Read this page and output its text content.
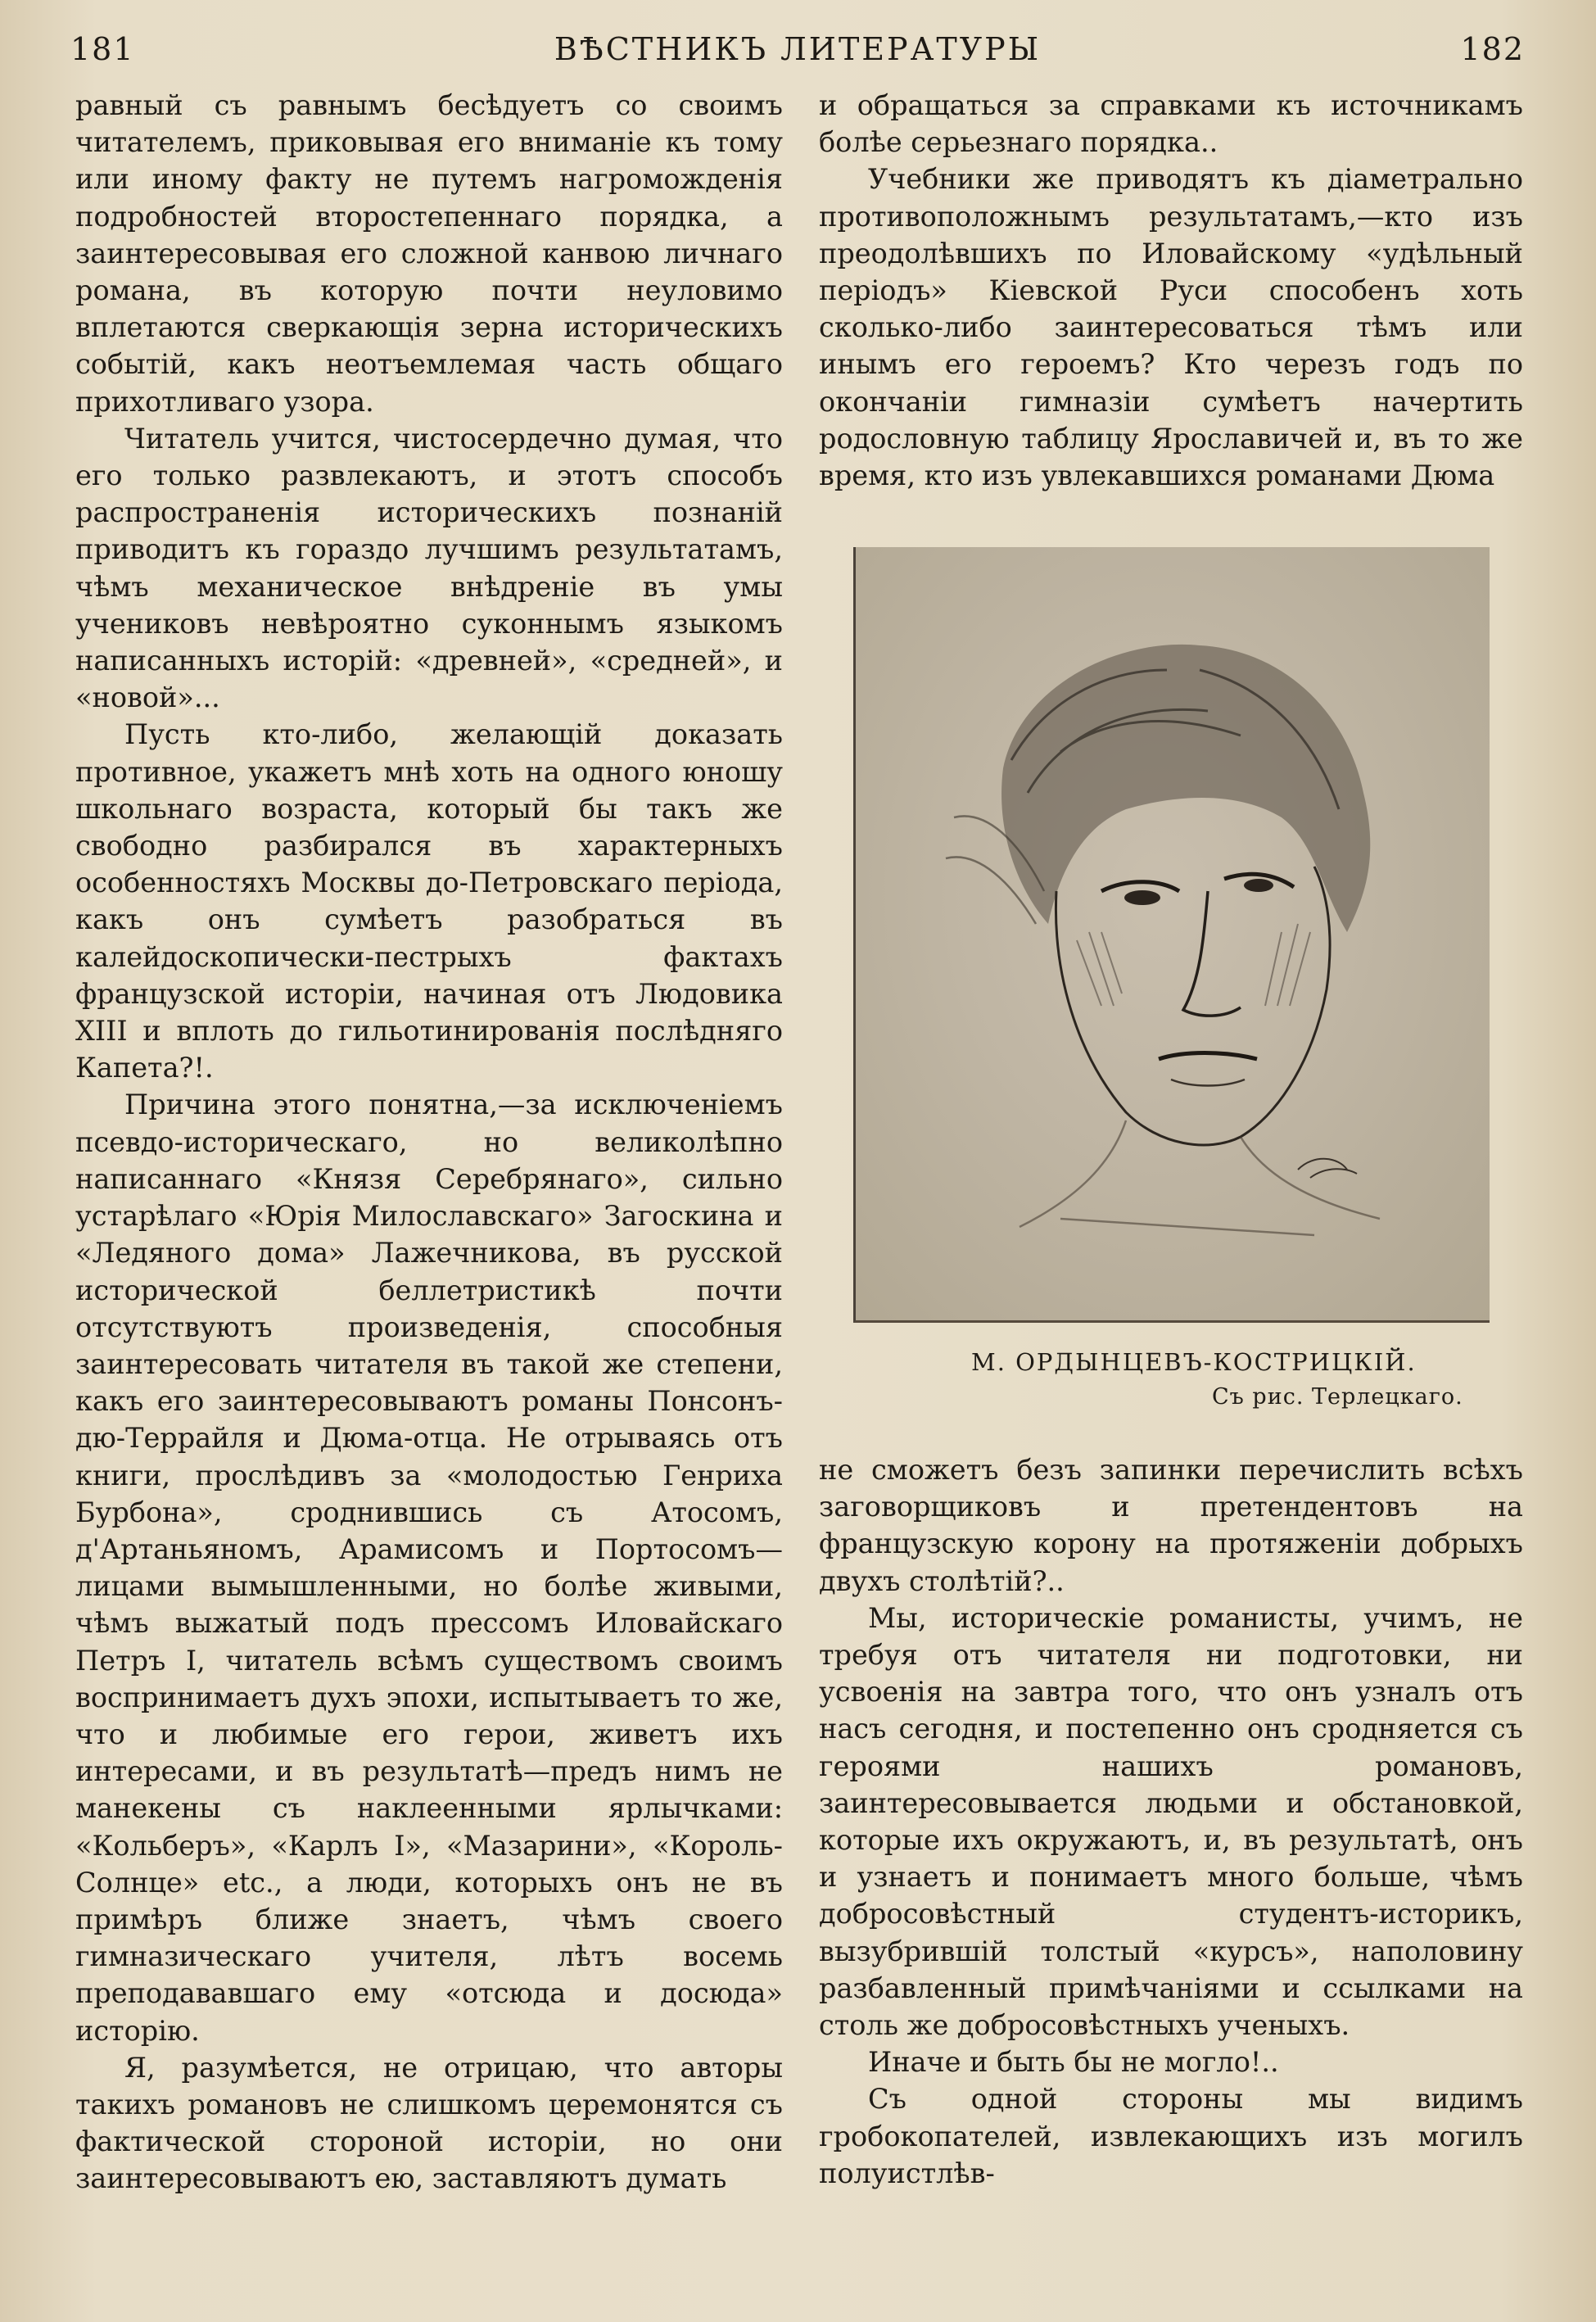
181	ВѢСТНИКЪ ЛИТЕРАТУРЫ	182

равный съ равнымъ бесѣдуетъ со своимъ читателемъ, приковывая его вниманіе къ тому или иному факту не путемъ нагроможденія подробностей второстепеннаго порядка, а заинтересовывая его сложной канвою личнаго романа, въ которую почти неуловимо вплетаются сверкающія зерна историческихъ событій, какъ неотъемлемая часть общаго прихотливаго узора.

Читатель учится, чистосердечно думая, что его только развлекаютъ, и этотъ способъ распространенія историческихъ познаній приводитъ къ гораздо лучшимъ результатамъ, чѣмъ механическое внѣдреніе въ умы учениковъ невѣроятно суконнымъ языкомъ написанныхъ исторій: «древней», «средней», и «новой»...

Пусть кто-либо, желающій доказать противное, укажетъ мнѣ хоть на одного юношу школьнаго возраста, который бы такъ же свободно разбирался въ характерныхъ особенностяхъ Москвы до-Петровскаго періода, какъ онъ сумѣетъ разобраться въ калейдоскопически-пестрыхъ фактахъ французской исторіи, начиная отъ Людовика XIII и вплоть до гильотинированія послѣдняго Капета?!.

Причина этого понятна,—за исключеніемъ псевдо-историческаго, но великолѣпно написаннаго «Князя Серебрянаго», сильно устарѣлаго «Юрія Милославскаго» Загоскина и «Ледяного дома» Лажечникова, въ русской исторической беллетристикѣ почти отсутствуютъ произведенія, способныя заинтересовать читателя въ такой же степени, какъ его заинтересовываютъ романы Понсонъ-дю-Террайля и Дюма-отца. Не отрываясь отъ книги, прослѣдивъ за «молодостью Генриха Бурбона», сроднившись съ Атосомъ, д'Артаньяномъ, Арамисомъ и Портосомъ—лицами вымышленными, но болѣе живыми, чѣмъ выжатый подъ прессомъ Иловайскаго Петръ I, читатель всѣмъ существомъ своимъ воспринимаетъ духъ эпохи, испытываетъ то же, что и любимые его герои, живетъ ихъ интересами, и въ результатѣ—предъ нимъ не манекены съ наклеенными ярлычками: «Кольберъ», «Карлъ I», «Мазарини», «Король-Солнце» etc., а люди, которыхъ онъ не въ примѣръ ближе знаетъ, чѣмъ своего гимназическаго учителя, лѣтъ восемь преподававшаго ему «отсюда и досюда» исторію.

Я, разумѣется, не отрицаю, что авторы такихъ романовъ не слишкомъ церемонятся съ фактической стороной исторіи, но они заинтересовываютъ ею, заставляютъ думать

и обращаться за справками къ источникамъ болѣе серьезнаго порядка..

Учебники же приводятъ къ діаметрально противоположнымъ результатамъ,—кто изъ преодолѣвшихъ по Иловайскому «удѣльный періодъ» Кіевской Руси способенъ хоть сколько-либо заинтересоваться тѣмъ или инымъ его героемъ? Кто черезъ годъ по окончаніи гимназіи сумѣетъ начертить родословную таблицу Ярославичей и, въ то же время, кто изъ увлекавшихся романами Дюма

М. ОРДЫНЦЕВЪ-КОСТРИЦКІЙ.
Съ рис. Терлецкаго.

не сможетъ безъ запинки перечислить всѣхъ заговорщиковъ и претендентовъ на французскую корону на протяженіи добрыхъ двухъ столѣтій?..

Мы, историческіе романисты, учимъ, не требуя отъ читателя ни подготовки, ни усвоенія на завтра того, что онъ узналъ отъ насъ сегодня, и постепенно онъ сродняется съ героями нашихъ романовъ, заинтересовывается людьми и обстановкой, которые ихъ окружаютъ, и, въ результатѣ, онъ и узнаетъ и понимаетъ много больше, чѣмъ добросовѣстный студентъ-историкъ, вызубрившій толстый «курсъ», наполовину разбавленный примѣчаніями и ссылками на столь же добросовѣстныхъ ученыхъ.

Иначе и быть бы не могло!..

Съ одной стороны мы видимъ гробокопателей, извлекающихъ изъ могилъ полуистлѣв-
